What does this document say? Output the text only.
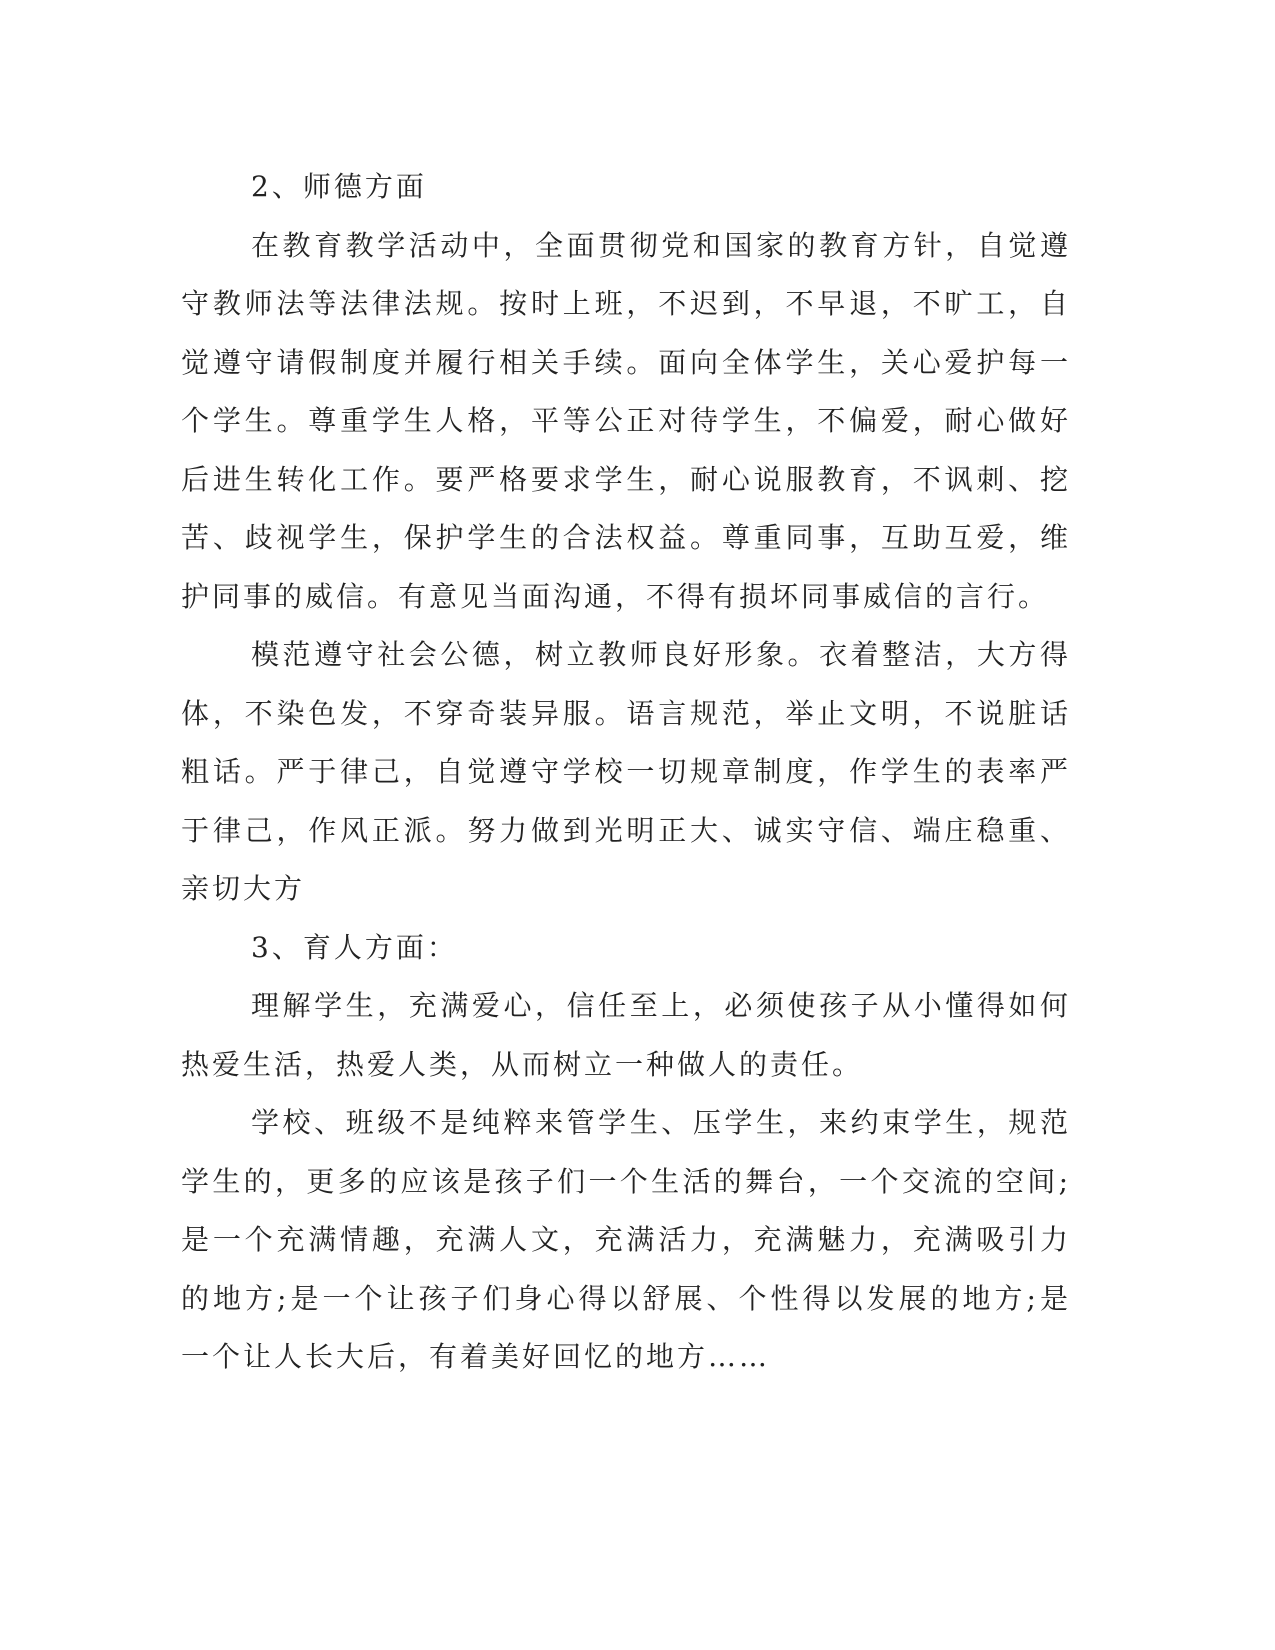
2、师德方面

在教育教学活动中，全面贯彻党和国家的教育方针，自觉遵守教师法等法律法规。按时上班，不迟到，不早退，不旷工，自觉遵守请假制度并履行相关手续。面向全体学生，关心爱护每一个学生。尊重学生人格，平等公正对待学生，不偏爱，耐心做好后进生转化工作。要严格要求学生，耐心说服教育，不讽刺、挖苦、歧视学生，保护学生的合法权益。尊重同事，互助互爱，维护同事的威信。有意见当面沟通，不得有损坏同事威信的言行。

模范遵守社会公德，树立教师良好形象。衣着整洁，大方得体，不染色发，不穿奇装异服。语言规范，举止文明，不说脏话粗话。严于律己，自觉遵守学校一切规章制度，作学生的表率严于律己，作风正派。努力做到光明正大、诚实守信、端庄稳重、亲切大方

3、育人方面：

理解学生，充满爱心，信任至上，必须使孩子从小懂得如何热爱生活，热爱人类，从而树立一种做人的责任。

学校、班级不是纯粹来管学生、压学生，来约束学生，规范学生的，更多的应该是孩子们一个生活的舞台，一个交流的空间;是一个充满情趣，充满人文，充满活力，充满魅力，充满吸引力的地方;是一个让孩子们身心得以舒展、个性得以发展的地方;是一个让人长大后，有着美好回忆的地方……
